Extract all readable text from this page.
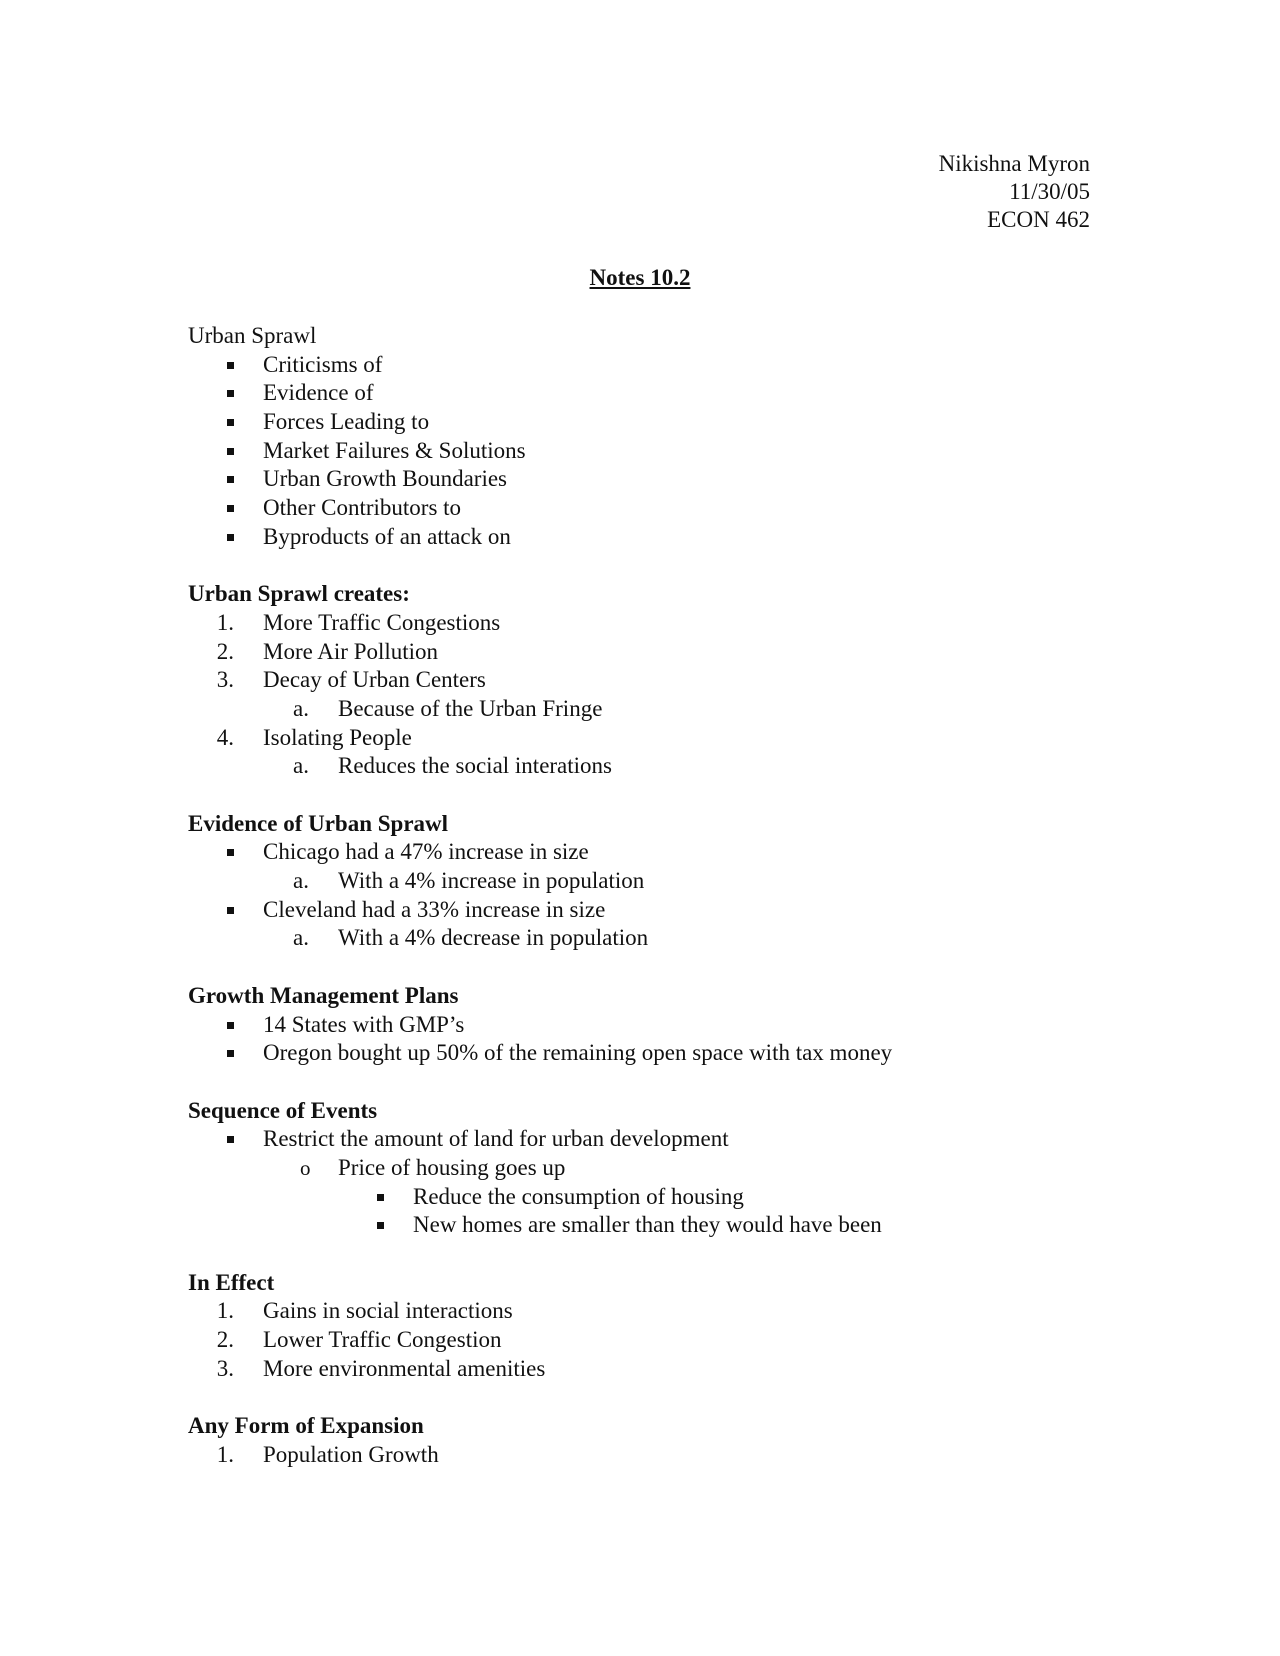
Nikishna Myron
11/30/05
ECON 462
Notes 10.2
Urban Sprawl
Criticisms of
Evidence of
Forces Leading to
Market Failures & Solutions
Urban Growth Boundaries
Other Contributors to
Byproducts of an attack on
Urban Sprawl creates:
1. More Traffic Congestions
2. More Air Pollution
3. Decay of Urban Centers
a. Because of the Urban Fringe
4. Isolating People
a. Reduces the social interations
Evidence of Urban Sprawl
Chicago had a 47% increase in size
a. With a 4% increase in population
Cleveland had a 33% increase in size
a. With a 4% decrease in population
Growth Management Plans
14 States with GMP’s
Oregon bought up 50% of the remaining open space with tax money
Sequence of Events
Restrict the amount of land for urban development
o Price of housing goes up
Reduce the consumption of housing
New homes are smaller than they would have been
In Effect
1. Gains in social interactions
2. Lower Traffic Congestion
3. More environmental amenities
Any Form of Expansion
1. Population Growth
